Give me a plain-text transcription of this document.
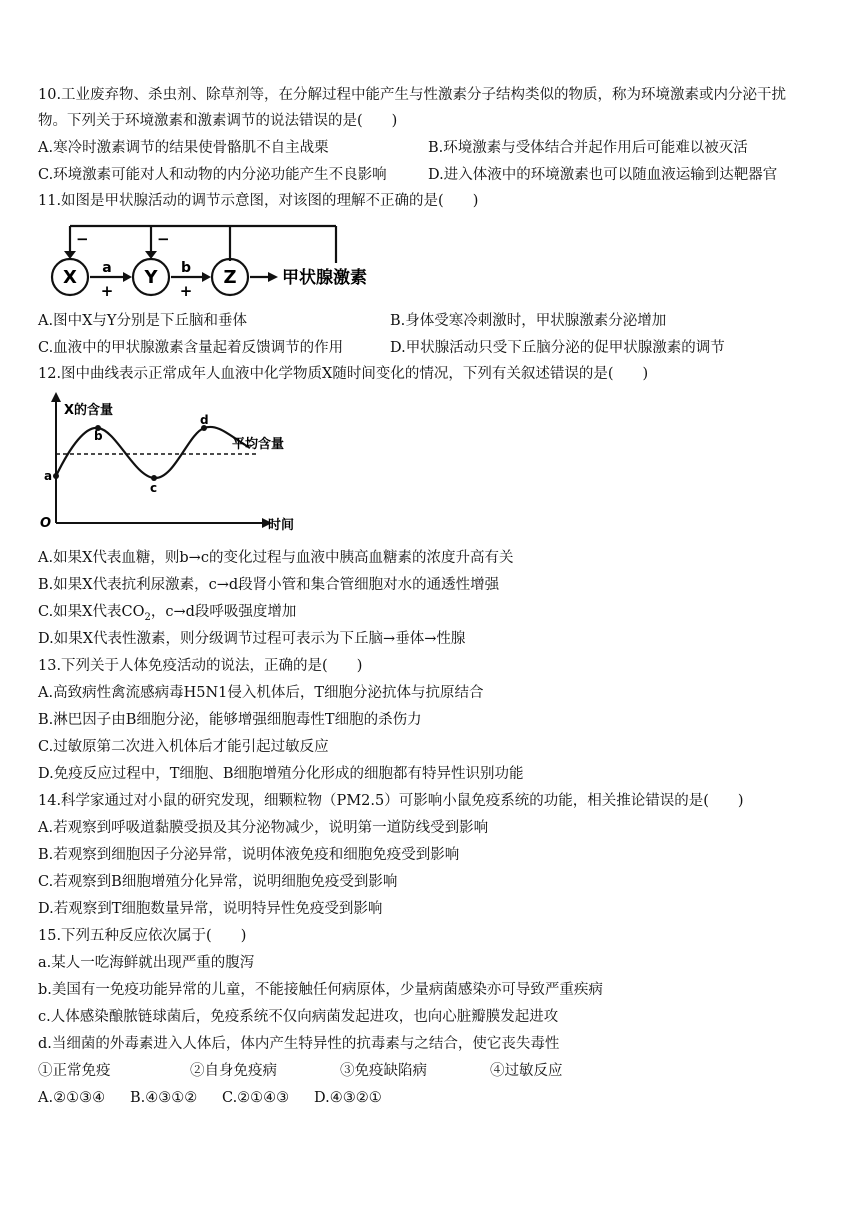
10.工业废弃物、杀虫剂、除草剂等，在分解过程中能产生与性激素分子结构类似的物质，称为环境激素或内分泌干扰
物。下列关于环境激素和激素调节的说法错误的是(　　)
A.寒冷时激素调节的结果使骨骼肌不自主战栗	B.环境激素与受体结合并起作用后可能难以被灭活
C.环境激素可能对人和动物的内分泌功能产生不良影响	D.进入体液中的环境激素也可以随血液运输到达靶器官
11.如图是甲状腺活动的调节示意图，对该图的理解不正确的是(　　)
−	−
X	Y	Z
a	b
+	+
甲状腺激素
A.图中X与Y分别是下丘脑和垂体	B.身体受寒冷刺激时，甲状腺激素分泌增加
C.血液中的甲状腺激素含量起着反馈调节的作用	D.甲状腺活动只受下丘脑分泌的促甲状腺激素的调节
12.图中曲线表示正常成年人血液中化学物质X随时间变化的情况，下列有关叙述错误的是(　　)
X的含量
时间
O
平均含量
a
b
c
d
A.如果X代表血糖，则b→c的变化过程与血液中胰高血糖素的浓度升高有关
B.如果X代表抗利尿激素，c→d段肾小管和集合管细胞对水的通透性增强
C.如果X代表$CO_2$，c→d段呼吸强度增加
D.如果X代表性激素，则分级调节过程可表示为下丘脑→垂体→性腺
13.下列关于人体免疫活动的说法，正确的是(　　)
A.高致病性禽流感病毒H5N1侵入机体后，T细胞分泌抗体与抗原结合
B.淋巴因子由B细胞分泌，能够增强细胞毒性T细胞的杀伤力
C.过敏原第二次进入机体后才能引起过敏反应
D.免疫反应过程中，T细胞、B细胞增殖分化形成的细胞都有特异性识别功能
14.科学家通过对小鼠的研究发现，细颗粒物（PM2.5）可影响小鼠免疫系统的功能，相关推论错误的是(　　)
A.若观察到呼吸道黏膜受损及其分泌物减少，说明第一道防线受到影响
B.若观察到细胞因子分泌异常，说明体液免疫和细胞免疫受到影响
C.若观察到B细胞增殖分化异常，说明细胞免疫受到影响
D.若观察到T细胞数量异常，说明特异性免疫受到影响
15.下列五种反应依次属于(　　)
a.某人一吃海鲜就出现严重的腹泻
b.美国有一免疫功能异常的儿童，不能接触任何病原体，少量病菌感染亦可导致严重疾病
c.人体感染酿脓链球菌后，免疫系统不仅向病菌发起进攻，也向心脏瓣膜发起进攻
d.当细菌的外毒素进入人体后，体内产生特异性的抗毒素与之结合，使它丧失毒性
①正常免疫	②自身免疫病	③免疫缺陷病	④过敏反应
A.②①③④ B.④③①② C.②①④③ D.④③②①
